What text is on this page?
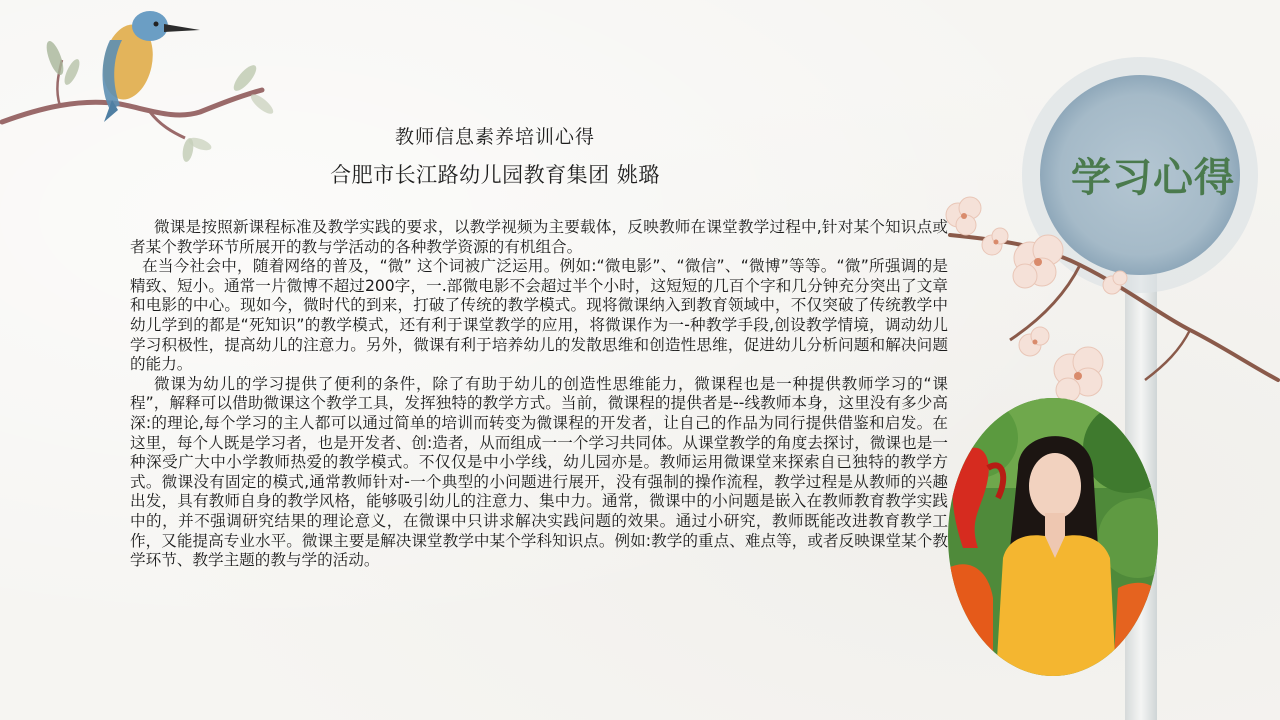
学习心得
教师信息素养培训心得
合肥市长江路幼儿园教育集团 姚璐

微课是按照新课程标准及教学实践的要求，以教学视频为主要载体，反映教师在课堂教学过程中,针对某个知识点或者某个教学环节所展开的教与学活动的各种教学资源的有机组合。

在当今社会中，随着网络的普及，“微” 这个词被广泛运用。例如:“微电影”、“微信”、“微博”等等。“微”所强调的是精致、短小。通常一片微博不超过200字，一.部微电影不会超过半个小时，这短短的几百个字和几分钟充分突出了文章和电影的中心。现如今，微时代的到来，打破了传统的教学模式。现将微课纳入到教育领域中，不仅突破了传统教学中幼儿学到的都是“死知识”的教学模式，还有利于课堂教学的应用，将微课作为一-种教学手段,创设教学情境，调动幼儿学习积极性，提高幼儿的注意力。另外，微课有利于培养幼儿的发散思维和创造性思维，促进幼儿分析问题和解决问题的能力。

微课为幼儿的学习提供了便利的条件，除了有助于幼儿的创造性思维能力，微课程也是一种提供教师学习的“课程”，解释可以借助微课这个教学工具，发挥独特的教学方式。当前，微课程的提供者是--线教师本身，这里没有多少高深:的理论,每个学习的主人都可以通过简单的培训而转变为微课程的开发者，让自己的作品为同行提供借鉴和启发。在这里，每个人既是学习者，也是开发者、创:造者，从而组成一一个学习共同体。从课堂教学的角度去探讨，微课也是一种深受广大中小学教师热爱的教学模式。不仅仅是中小学线，幼儿园亦是。教师运用微课堂来探索自已独特的教学方式。微课没有固定的模式,通常教师针对-一个典型的小问题进行展开，没有强制的操作流程，教学过程是从教师的兴趣出发，具有教师自身的教学风格，能够吸引幼儿的注意力、集中力。通常，微课中的小问题是嵌入在教师教育教学实践中的，并不强调研究结果的理论意义，在微课中只讲求解决实践问题的效果。通过小研究，教师既能改进教育教学工作，又能提高专业水平。微课主要是解决课堂教学中某个学科知识点。例如:教学的重点、难点等，或者反映课堂某个教学环节、教学主题的教与学的活动。
